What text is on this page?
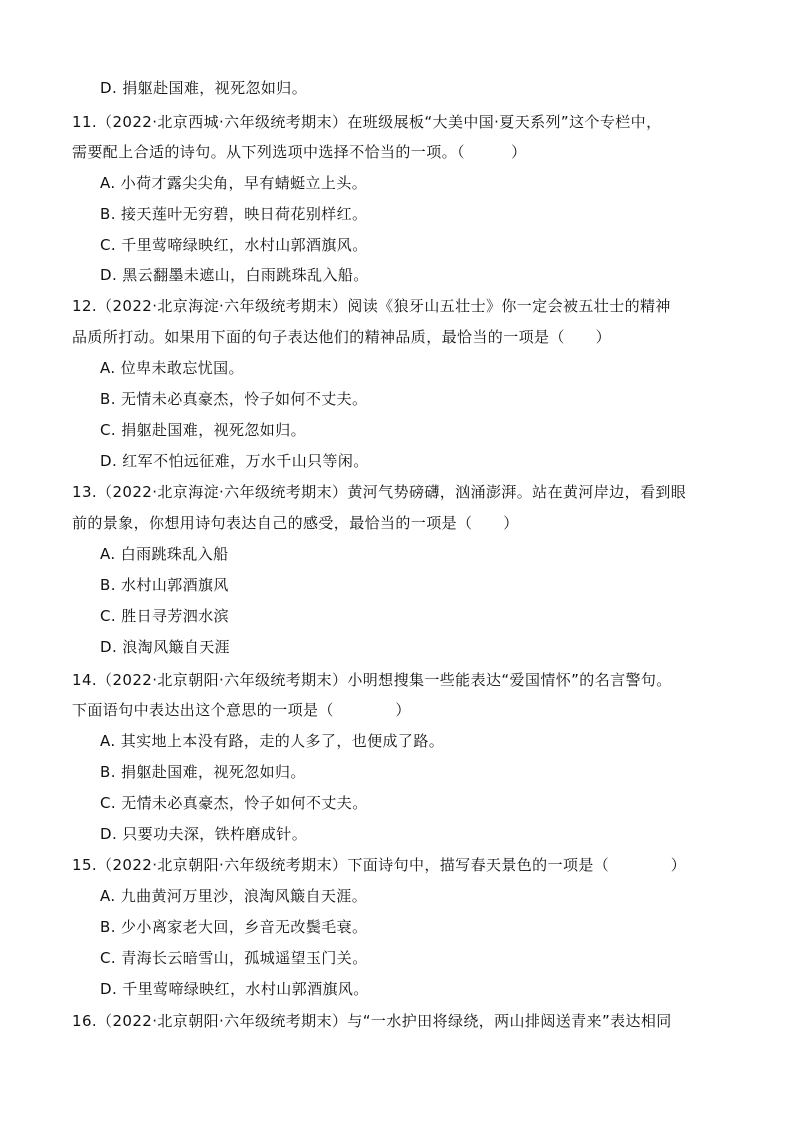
D. 捐躯赴国难，视死忽如归。
11.（2022·北京西城·六年级统考期末）在班级展板“大美中国·夏天系列”这个专栏中，
需要配上合适的诗句。从下列选项中选择不恰当的一项。（　　　）
A. 小荷才露尖尖角，早有蜻蜓立上头。
B. 接天莲叶无穷碧，映日荷花别样红。
C. 千里莺啼绿映红，水村山郭酒旗风。
D. 黑云翻墨未遮山，白雨跳珠乱入船。
12.（2022·北京海淀·六年级统考期末）阅读《狼牙山五壮士》你一定会被五壮士的精神
品质所打动。如果用下面的句子表达他们的精神品质，最恰当的一项是（　　）
A. 位卑未敢忘忧国。
B. 无情未必真豪杰，怜子如何不丈夫。
C. 捐躯赴国难，视死忽如归。
D. 红军不怕远征难，万水千山只等闲。
13.（2022·北京海淀·六年级统考期末）黄河气势磅礴，汹涌澎湃。站在黄河岸边，看到眼
前的景象，你想用诗句表达自己的感受，最恰当的一项是（　　）
A. 白雨跳珠乱入船
B. 水村山郭酒旗风
C. 胜日寻芳泗水滨
D. 浪淘风簸自天涯
14.（2022·北京朝阳·六年级统考期末）小明想搜集一些能表达“爱国情怀”的名言警句。
下面语句中表达出这个意思的一项是（　　　　）
A. 其实地上本没有路，走的人多了，也便成了路。
B. 捐躯赴国难，视死忽如归。
C. 无情未必真豪杰，怜子如何不丈夫。
D. 只要功夫深，铁杵磨成针。
15.（2022·北京朝阳·六年级统考期末）下面诗句中，描写春天景色的一项是（　　　　）
A. 九曲黄河万里沙，浪淘风簸自天涯。
B. 少小离家老大回，乡音无改鬓毛衰。
C. 青海长云暗雪山，孤城遥望玉门关。
D. 千里莺啼绿映红，水村山郭酒旗风。
16.（2022·北京朝阳·六年级统考期末）与“一水护田将绿绕，两山排闼送青来”表达相同
